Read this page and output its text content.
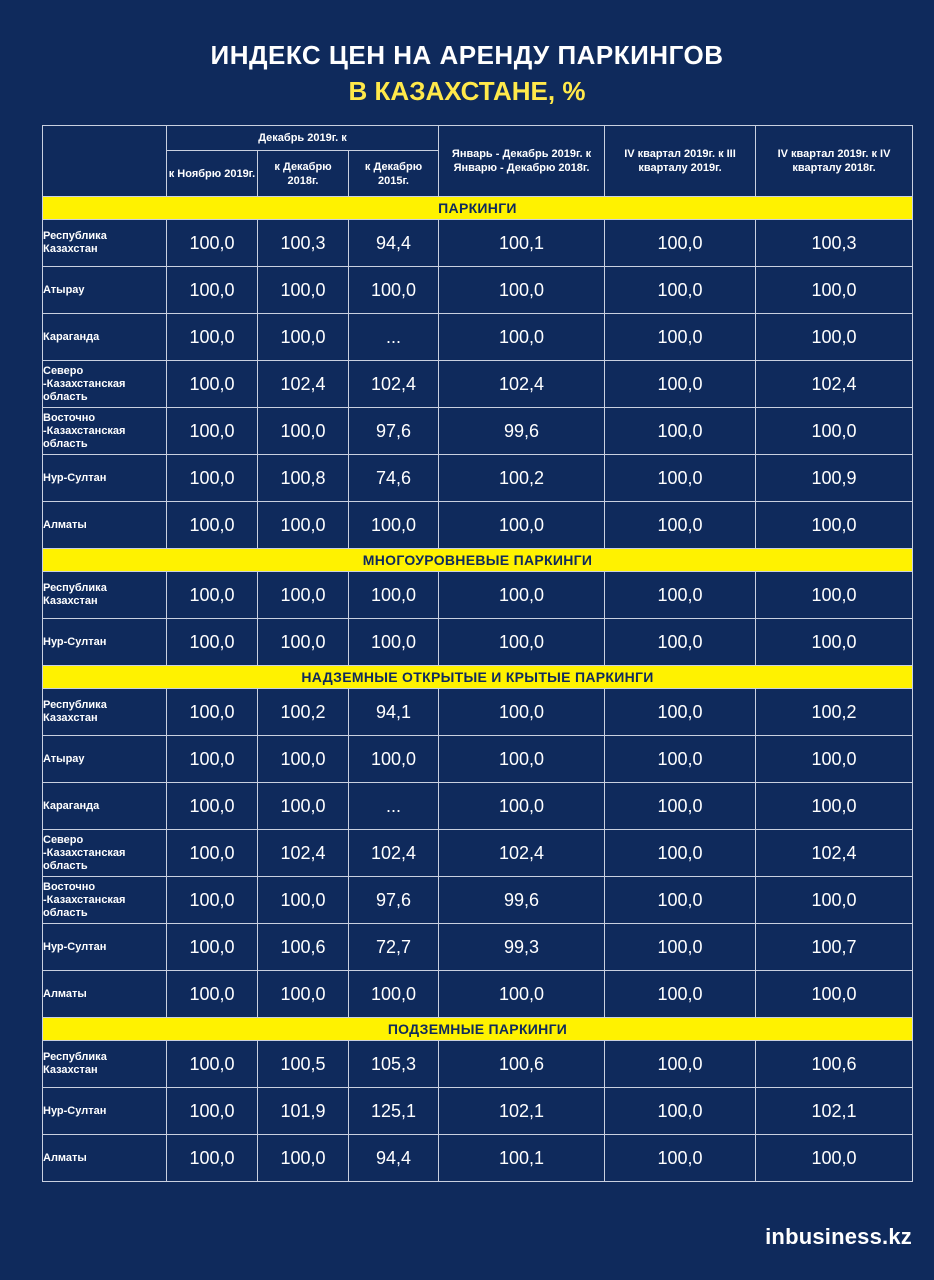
ИНДЕКС ЦЕН НА АРЕНДУ ПАРКИНГОВ
В КАЗАХСТАНЕ, %
	Декабрь 2019г. к			Январь - Декабрь 2019г. к Январю - Декабрю 2018г.	IV квартал 2019г. к III кварталу 2019г.	IV квартал 2019г. к IV кварталу 2018г.
	к Ноябрю 2019г.	к Декабрю 2018г.	к Декабрю 2015г.			
ПАРКИНГИ						
Республика
Казахстан	100,0	100,3	94,4	100,1	100,0	100,3
Атырау	100,0	100,0	100,0	100,0	100,0	100,0
Караганда	100,0	100,0	...	100,0	100,0	100,0
Северо
-Казахстанская
область	100,0	102,4	102,4	102,4	100,0	102,4
Восточно
-Казахстанская
область	100,0	100,0	97,6	99,6	100,0	100,0
Нур-Султан	100,0	100,8	74,6	100,2	100,0	100,9
Алматы	100,0	100,0	100,0	100,0	100,0	100,0
МНОГОУРОВНЕВЫЕ ПАРКИНГИ						
Республика
Казахстан	100,0	100,0	100,0	100,0	100,0	100,0
Нур-Султан	100,0	100,0	100,0	100,0	100,0	100,0
НАДЗЕМНЫЕ ОТКРЫТЫЕ И КРЫТЫЕ ПАРКИНГИ						
Республика
Казахстан	100,0	100,2	94,1	100,0	100,0	100,2
Атырау	100,0	100,0	100,0	100,0	100,0	100,0
Караганда	100,0	100,0	...	100,0	100,0	100,0
Северо
-Казахстанская
область	100,0	102,4	102,4	102,4	100,0	102,4
Восточно
-Казахстанская
область	100,0	100,0	97,6	99,6	100,0	100,0
Нур-Султан	100,0	100,6	72,7	99,3	100,0	100,7
Алматы	100,0	100,0	100,0	100,0	100,0	100,0
ПОДЗЕМНЫЕ ПАРКИНГИ						
Республика
Казахстан	100,0	100,5	105,3	100,6	100,0	100,6
Нур-Султан	100,0	101,9	125,1	102,1	100,0	102,1
Алматы	100,0	100,0	94,4	100,1	100,0	100,0
inbusiness.kz
